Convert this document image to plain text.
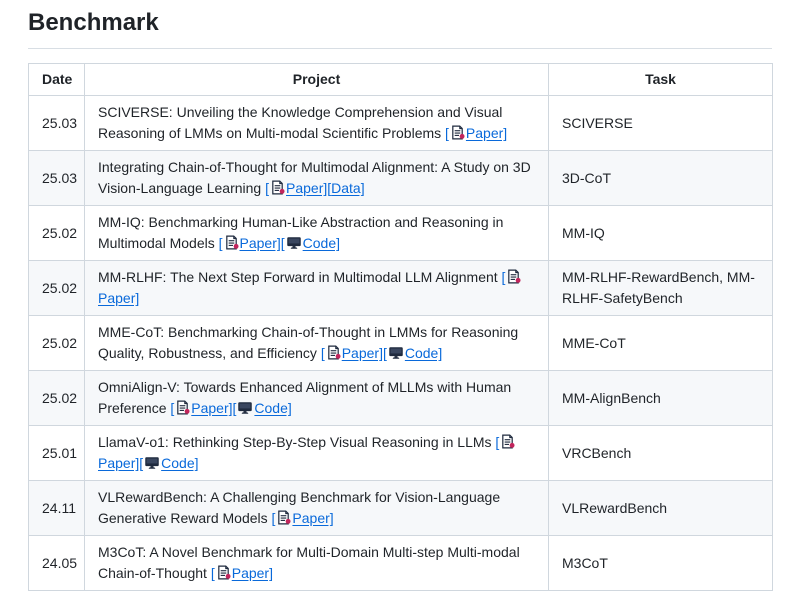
Benchmark
Date	Project	Task
25.03	SCIVERSE: Unveiling the Knowledge Comprehension and Visual Reasoning of LMMs on Multi-modal Scientific Problems [ Paper]	SCIVERSE
25.03	Integrating Chain-of-Thought for Multimodal Alignment: A Study on 3D Vision-Language Learning [ Paper][Data]	3D-CoT
25.02	MM-IQ: Benchmarking Human-Like Abstraction and Reasoning in Multimodal Models [ Paper][ Code]	MM-IQ
25.02	MM-RLHF: The Next Step Forward in Multimodal LLM Alignment [Paper]	MM-RLHF-RewardBench, MM-RLHF-SafetyBench
25.02	MME-CoT: Benchmarking Chain-of-Thought in LMMs for Reasoning Quality, Robustness, and Efficiency [ Paper][ Code]	MME-CoT
25.02	OmniAlign-V: Towards Enhanced Alignment of MLLMs with Human Preference [ Paper][ Code]	MM-AlignBench
25.01	LlamaV-o1: Rethinking Step-By-Step Visual Reasoning in LLMs [Paper][ Code]	VRCBench
24.11	VLRewardBench: A Challenging Benchmark for Vision-Language Generative Reward Models [ Paper]	VLRewardBench
24.05	M3CoT: A Novel Benchmark for Multi-Domain Multi-step Multi-modal Chain-of-Thought [ Paper]	M3CoT
